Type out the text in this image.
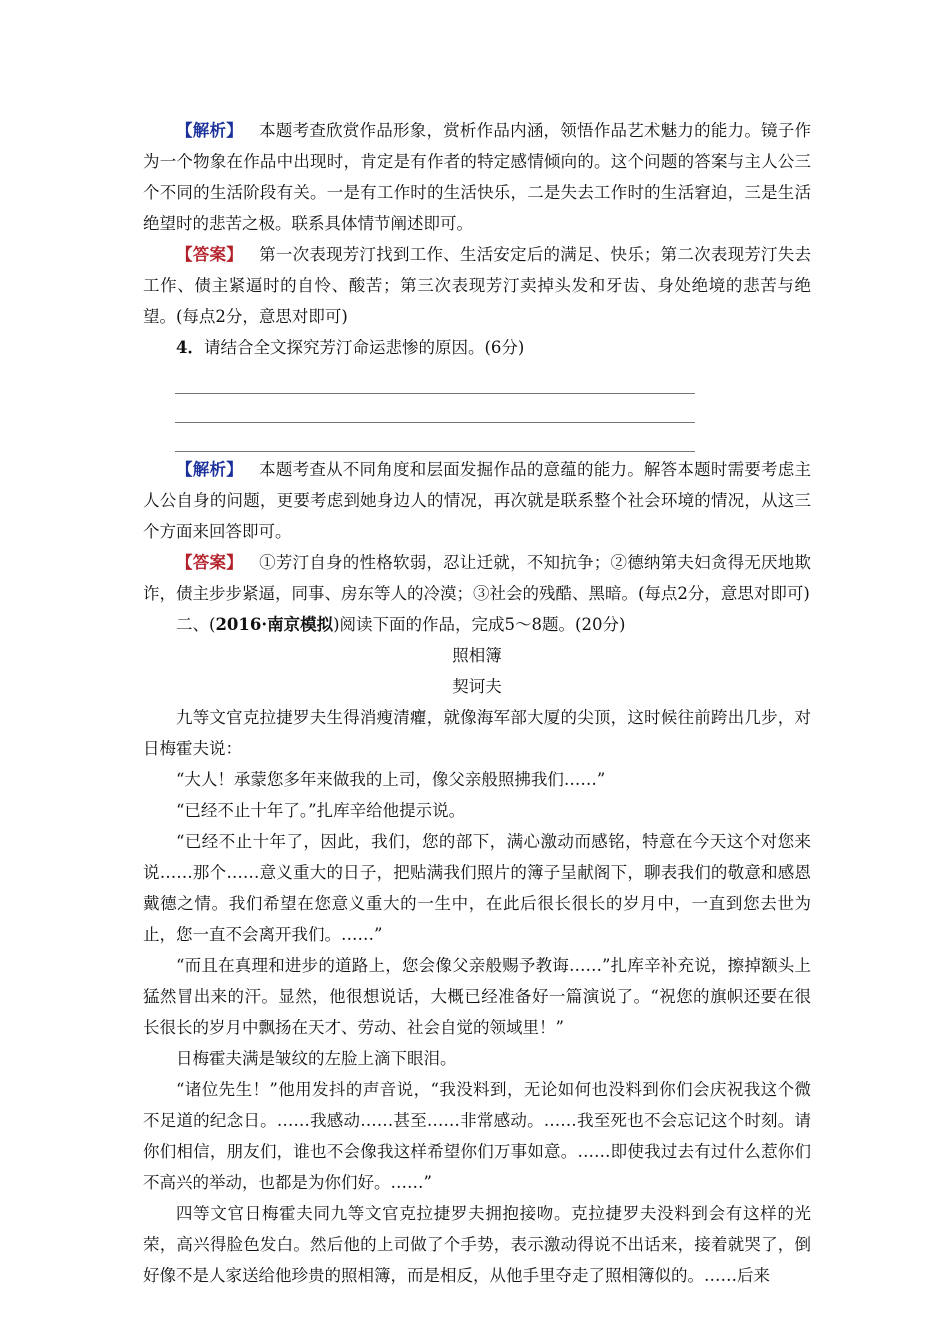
【解析】 本题考查欣赏作品形象，赏析作品内涵，领悟作品艺术魅力的能力。镜子作为一个物象在作品中出现时，肯定是有作者的特定感情倾向的。这个问题的答案与主人公三个不同的生活阶段有关。一是有工作时的生活快乐，二是失去工作时的生活窘迫，三是生活绝望时的悲苦之极。联系具体情节阐述即可。

【答案】 第一次表现芳汀找到工作、生活安定后的满足、快乐；第二次表现芳汀失去工作、债主紧逼时的自怜、酸苦；第三次表现芳汀卖掉头发和牙齿、身处绝境的悲苦与绝望。(每点2分，意思对即可)

4．请结合全文探究芳汀命运悲惨的原因。(6分)

【解析】 本题考查从不同角度和层面发掘作品的意蕴的能力。解答本题时需要考虑主人公自身的问题，更要考虑到她身边人的情况，再次就是联系整个社会环境的情况，从这三个方面来回答即可。

【答案】 ①芳汀自身的性格软弱，忍让迁就，不知抗争；②德纳第夫妇贪得无厌地欺诈，债主步步紧逼，同事、房东等人的冷漠；③社会的残酷、黑暗。(每点2分，意思对即可)

二、(2016·南京模拟)阅读下面的作品，完成5～8题。(20分)

照相簿

契诃夫

九等文官克拉捷罗夫生得消瘦清癯，就像海军部大厦的尖顶，这时候往前跨出几步，对日梅霍夫说：

“大人！承蒙您多年来做我的上司，像父亲般照拂我们……”

“已经不止十年了。”扎库辛给他提示说。

“已经不止十年了，因此，我们，您的部下，满心激动而感铭，特意在今天这个对您来说……那个……意义重大的日子，把贴满我们照片的簿子呈献阁下，聊表我们的敬意和感恩戴德之情。我们希望在您意义重大的一生中，在此后很长很长的岁月中，一直到您去世为止，您一直不会离开我们。……”

“而且在真理和进步的道路上，您会像父亲般赐予教诲……”扎库辛补充说，擦掉额头上猛然冒出来的汗。显然，他很想说话，大概已经准备好一篇演说了。“祝您的旗帜还要在很长很长的岁月中飘扬在天才、劳动、社会自觉的领域里！”

日梅霍夫满是皱纹的左脸上滴下眼泪。

“诸位先生！”他用发抖的声音说，“我没料到，无论如何也没料到你们会庆祝我这个微不足道的纪念日。……我感动……甚至……非常感动。……我至死也不会忘记这个时刻。请你们相信，朋友们，谁也不会像我这样希望你们万事如意。……即使我过去有过什么惹你们不高兴的举动，也都是为你们好。……”

四等文官日梅霍夫同九等文官克拉捷罗夫拥抱接吻。克拉捷罗夫没料到会有这样的光荣，高兴得脸色发白。然后他的上司做了个手势，表示激动得说不出话来，接着就哭了，倒好像不是人家送给他珍贵的照相簿，而是相反，从他手里夺走了照相簿似的。……后来
